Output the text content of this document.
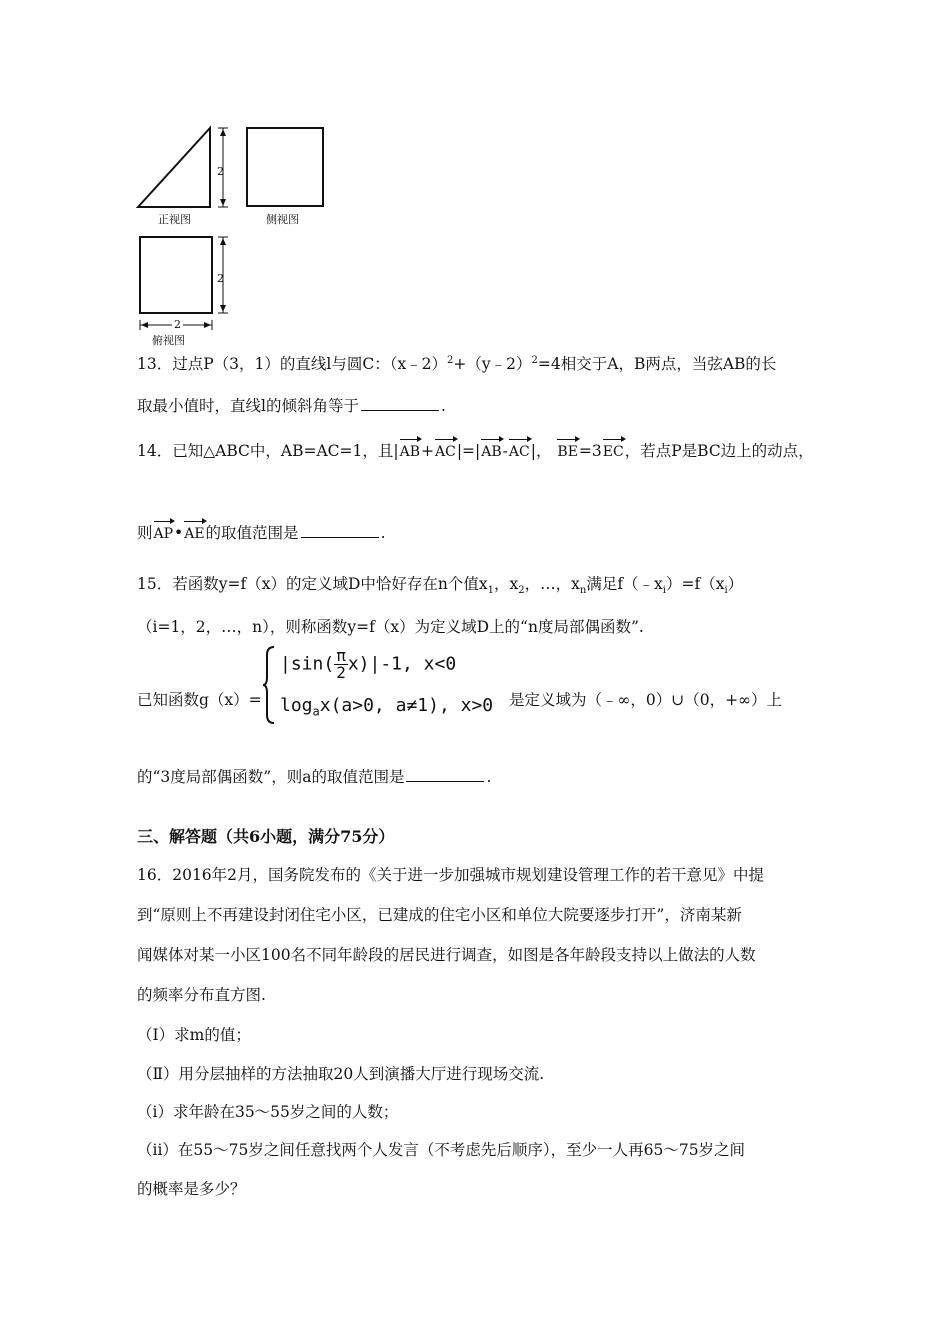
2
2
2
正视图	侧视图
俯视图
13．过点P（3，1）的直线l与圆C：（x﹣2）$^2$+（y﹣2）$^2$=4相交于A，B两点，当弦AB的长
取最小值时，直线l的倾斜角等于	.
14．已知△ABC中，AB=AC=1，且|AB+AC|=|AB-AC|， BE=3EC，若点P是BC边上的动点，
则AP•AE的取值范围是	.
15．若函数y=f（x）的定义域D中恰好存在n个值$x_1$，$x_2$，…，$x_n$满足$f(﹣x_i)=f(x_i)$
（i=1，2，…，n），则称函数y=f（x）为定义域D上的“n度局部偶函数”.
已知函数g（x）=
$|\sin( \frac{\pi}{2} x)|-1$, x<0
$\log_ax(a>0$, a≠1), x>0 是定义域为（﹣∞，0）∪（0，+∞）上
的“3度局部偶函数”，则a的取值范围是	.
三、解答题（共6小题，满分75分）
16．2016年2月，国务院发布的《关于进一步加强城市规划建设管理工作的若干意见》中提
到“原则上不再建设封闭住宅小区，已建成的住宅小区和单位大院要逐步打开”，济南某新
闻媒体对某一小区100名不同年龄段的居民进行调查，如图是各年龄段支持以上做法的人数
的频率分布直方图.
（Ⅰ）求m的值；
（Ⅱ）用分层抽样的方法抽取20人到演播大厅进行现场交流.
（i）求年龄在35～55岁之间的人数；
（ii）在55～75岁之间任意找两个人发言（不考虑先后顺序），至少一人再65～75岁之间
的概率是多少？
